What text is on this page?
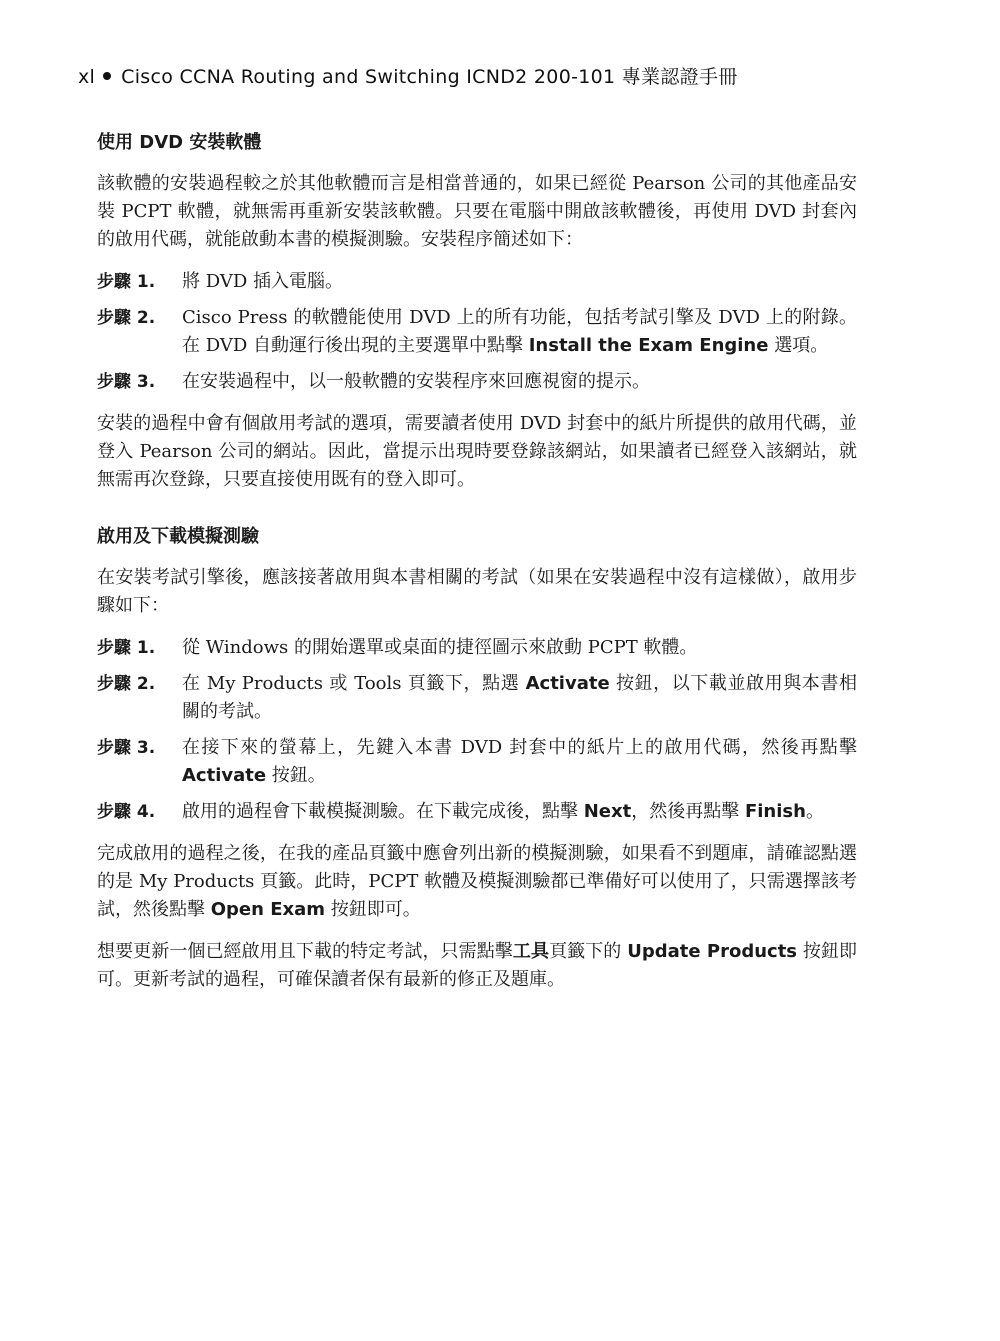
xl Cisco CCNA Routing and Switching ICND2 200-101 專業認證手冊
使用 DVD 安裝軟體

該軟體的安裝過程較之於其他軟體而言是相當普通的，如果已經從 Pearson 公司的其他產品安裝 PCPT 軟體，就無需再重新安裝該軟體。只要在電腦中開啟該軟體後，再使用 DVD 封套內的啟用代碼，就能啟動本書的模擬測驗。安裝程序簡述如下：

步驟 1.	將 DVD 插入電腦。
步驟 2.	Cisco Press 的軟體能使用 DVD 上的所有功能，包括考試引擎及 DVD 上的附錄。在 DVD 自動運行後出現的主要選單中點擊 Install the Exam Engine 選項。
步驟 3.	在安裝過程中，以一般軟體的安裝程序來回應視窗的提示。

安裝的過程中會有個啟用考試的選項，需要讀者使用 DVD 封套中的紙片所提供的啟用代碼，並登入 Pearson 公司的網站。因此，當提示出現時要登錄該網站，如果讀者已經登入該網站，就無需再次登錄，只要直接使用既有的登入即可。

啟用及下載模擬測驗

在安裝考試引擎後，應該接著啟用與本書相關的考試（如果在安裝過程中沒有這樣做），啟用步驟如下：

步驟 1.	從 Windows 的開始選單或桌面的捷徑圖示來啟動 PCPT 軟體。
步驟 2.	在 My Products 或 Tools 頁籤下，點選 Activate 按鈕，以下載並啟用與本書相關的考試。
步驟 3.	在接下來的螢幕上，先鍵入本書 DVD 封套中的紙片上的啟用代碼，然後再點擊 Activate 按鈕。
步驟 4.	啟用的過程會下載模擬測驗。在下載完成後，點擊 Next，然後再點擊 Finish。

完成啟用的過程之後，在我的產品頁籤中應會列出新的模擬測驗，如果看不到題庫，請確認點選的是 My Products 頁籤。此時，PCPT 軟體及模擬測驗都已準備好可以使用了，只需選擇該考試，然後點擊 Open Exam 按鈕即可。

想要更新一個已經啟用且下載的特定考試，只需點擊工具頁籤下的 Update Products 按鈕即可。更新考試的過程，可確保讀者保有最新的修正及題庫。
